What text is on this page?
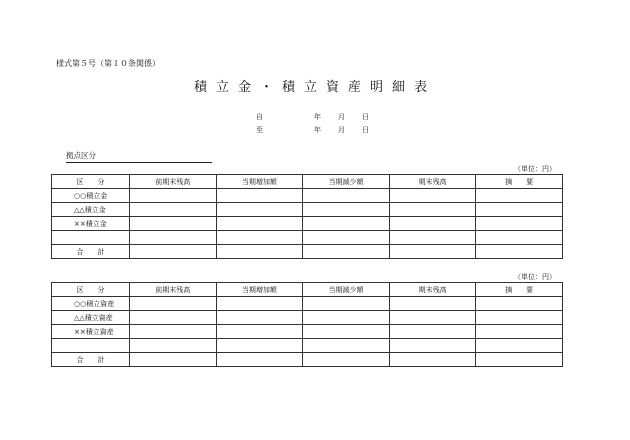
様式第５号（第１０条関係）
積立金・積立資産明細表
自	年 月 日
至	年 月 日
拠点区分
（単位：円）
区　　分	前期末残高	当期増加額	当期減少額	期末残高	摘　　要
○○積立金					
△△積立金					
××積立金					

合　　計					
（単位：円）
区　　分	前期末残高	当期増加額	当期減少額	期末残高	摘　　要
○○積立資産					
△△積立資産					
××積立資産					

合　　計					
